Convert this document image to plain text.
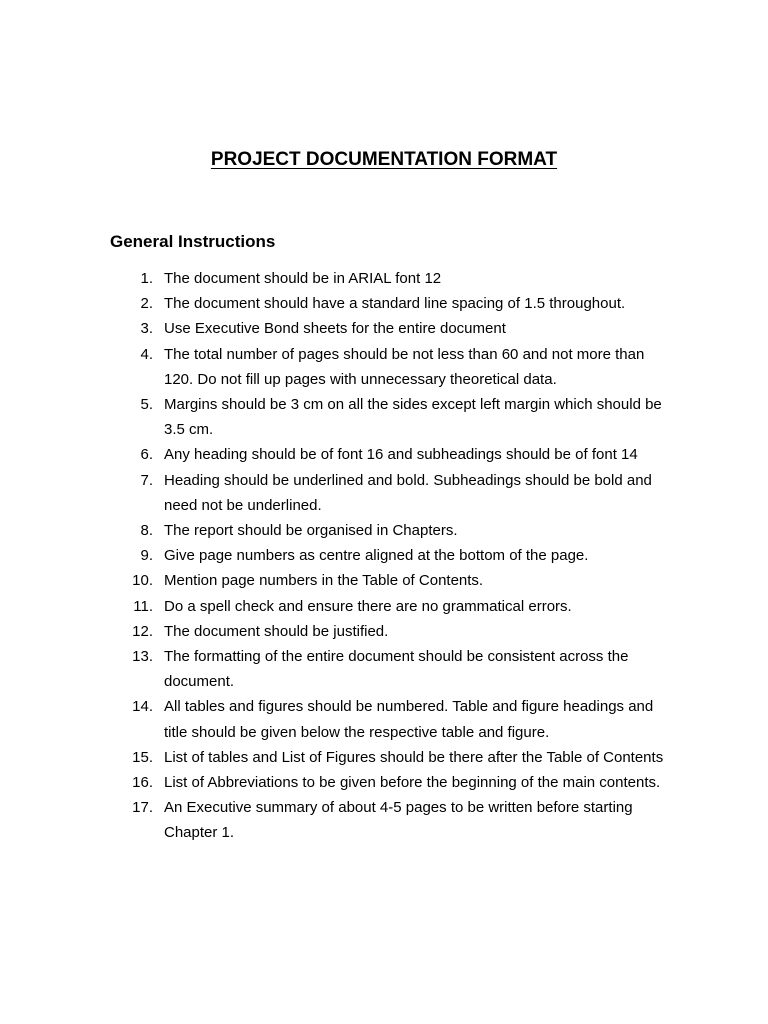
PROJECT DOCUMENTATION FORMAT
General Instructions
1. The document should be in ARIAL font 12
2. The document should have a standard line spacing of 1.5 throughout.
3. Use Executive Bond sheets for the entire document
4. The total number of pages should be not less than 60 and not more than 120. Do not fill up pages with unnecessary theoretical data.
5. Margins should be 3 cm on all the sides except left margin which should be 3.5 cm.
6. Any heading should be of font 16 and subheadings should be of font 14
7. Heading should be underlined and bold. Subheadings should be bold and need not be underlined.
8. The report should be organised in Chapters.
9. Give page numbers as centre aligned at the bottom of the page.
10. Mention page numbers in the Table of Contents.
11. Do a spell check and ensure there are no grammatical errors.
12. The document should be justified.
13. The formatting of the entire document should be consistent across the document.
14. All tables and figures should be numbered. Table and figure headings and title should be given below the respective table and figure.
15. List of tables and List of Figures should be there after the Table of Contents
16. List of Abbreviations to be given before the beginning of the main contents.
17. An Executive summary of about 4-5 pages to be written before starting Chapter 1.
